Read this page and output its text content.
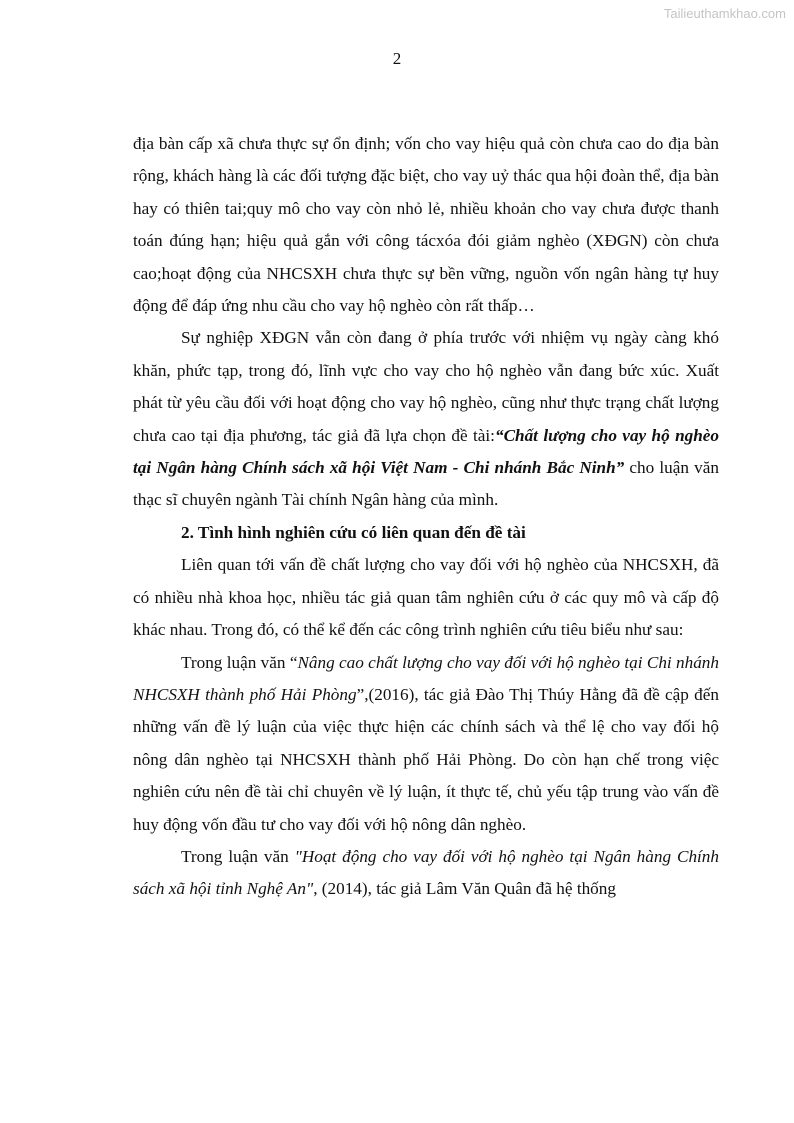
Tailieuthamkhao.com
2

địa bàn cấp xã chưa thực sự ổn định; vốn cho vay hiệu quả còn chưa cao do địa bàn rộng, khách hàng là các đối tượng đặc biệt, cho vay uỷ thác qua hội đoàn thể, địa bàn hay có thiên tai;quy mô cho vay còn nhỏ lẻ, nhiều khoản cho vay chưa được thanh toán đúng hạn; hiệu quả gắn với công tácxóa đói giảm nghèo (XĐGN) còn chưa cao;hoạt động của NHCSXH chưa thực sự bền vững, nguồn vốn ngân hàng tự huy động để đáp ứng nhu cầu cho vay hộ nghèo còn rất thấp…

Sự nghiệp XĐGN vẫn còn đang ở phía trước với nhiệm vụ ngày càng khó khăn, phức tạp, trong đó, lĩnh vực cho vay cho hộ nghèo vẫn đang bức xúc. Xuất phát từ yêu cầu đối với hoạt động cho vay hộ nghèo, cũng như thực trạng chất lượng chưa cao tại địa phương, tác giả đã lựa chọn đề tài:“Chất lượng cho vay hộ nghèo tại Ngân hàng Chính sách xã hội Việt Nam - Chi nhánh Bắc Ninh” cho luận văn thạc sĩ chuyên ngành Tài chính Ngân hàng của mình.

2. Tình hình nghiên cứu có liên quan đến đề tài

Liên quan tới vấn đề chất lượng cho vay đối với hộ nghèo của NHCSXH, đã có nhiều nhà khoa học, nhiều tác giả quan tâm nghiên cứu ở các quy mô và cấp độ khác nhau. Trong đó, có thể kể đến các công trình nghiên cứu tiêu biểu như sau:

Trong luận văn “Nâng cao chất lượng cho vay đối với hộ nghèo tại Chi nhánh NHCSXH thành phố Hải Phòng”,(2016), tác giả Đào Thị Thúy Hằng đã đề cập đến những vấn đề lý luận của việc thực hiện các chính sách và thể lệ cho vay đối hộ nông dân nghèo tại NHCSXH thành phố Hải Phòng. Do còn hạn chế trong việc nghiên cứu nên đề tài chỉ chuyên về lý luận, ít thực tế, chủ yếu tập trung vào vấn đề huy động vốn đầu tư cho vay đối với hộ nông dân nghèo.

Trong luận văn "Hoạt động cho vay đối với hộ nghèo tại Ngân hàng Chính sách xã hội tỉnh Nghệ An", (2014), tác giả Lâm Văn Quân đã hệ thống
